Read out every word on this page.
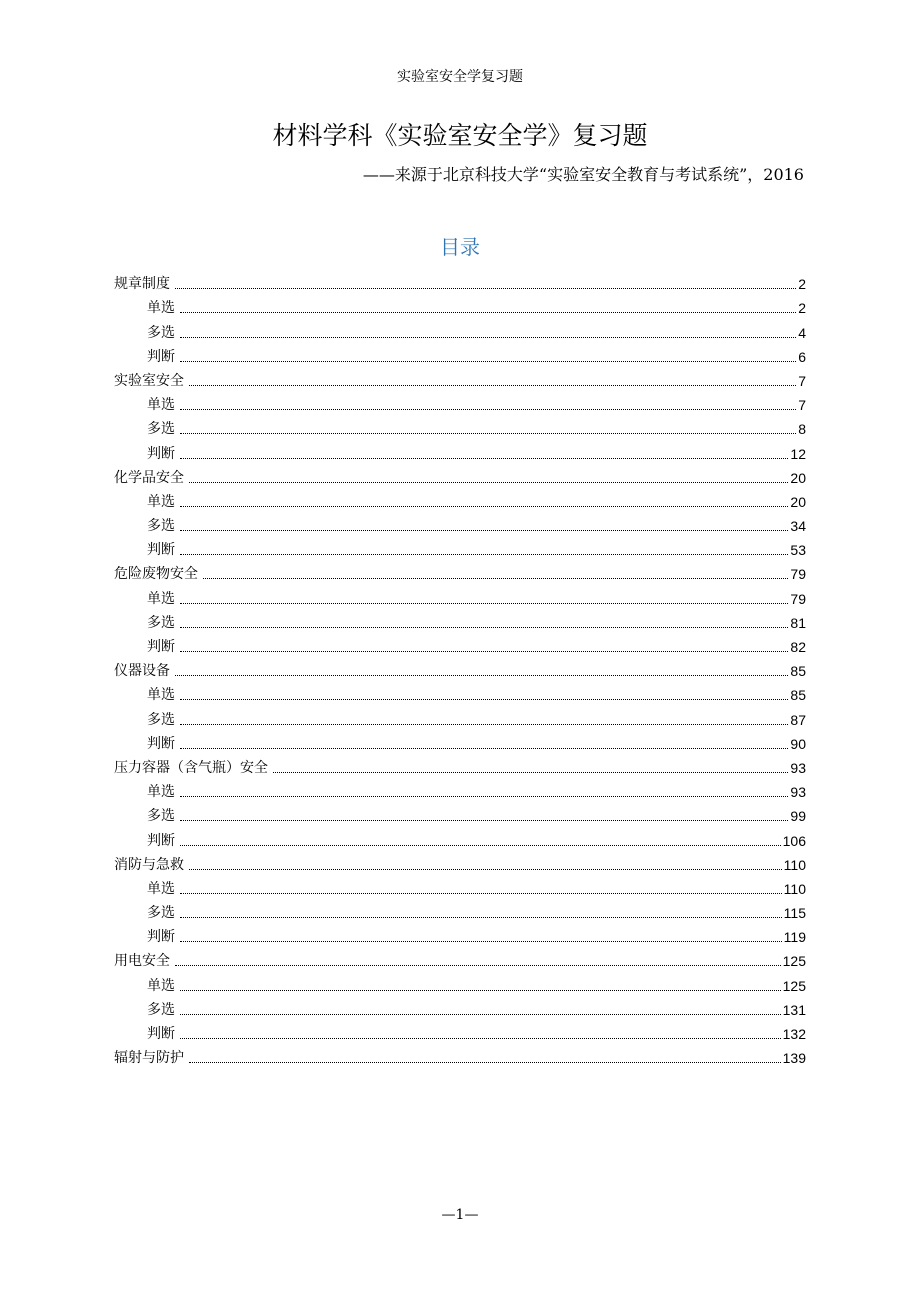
实验室安全学复习题
材料学科《实验室安全学》复习题
——来源于北京科技大学“实验室安全教育与考试系统”，2016
目录
规章制度	2
单选	2
多选	4
判断	6
实验室安全	7
单选	7
多选	8
判断	12
化学品安全	20
单选	20
多选	34
判断	53
危险废物安全	79
单选	79
多选	81
判断	82
仪器设备	85
单选	85
多选	87
判断	90
压力容器（含气瓶）安全	93
单选	93
多选	99
判断	106
消防与急救	110
单选	110
多选	115
判断	119
用电安全	125
单选	125
多选	131
判断	132
辐射与防护	139
—1—
